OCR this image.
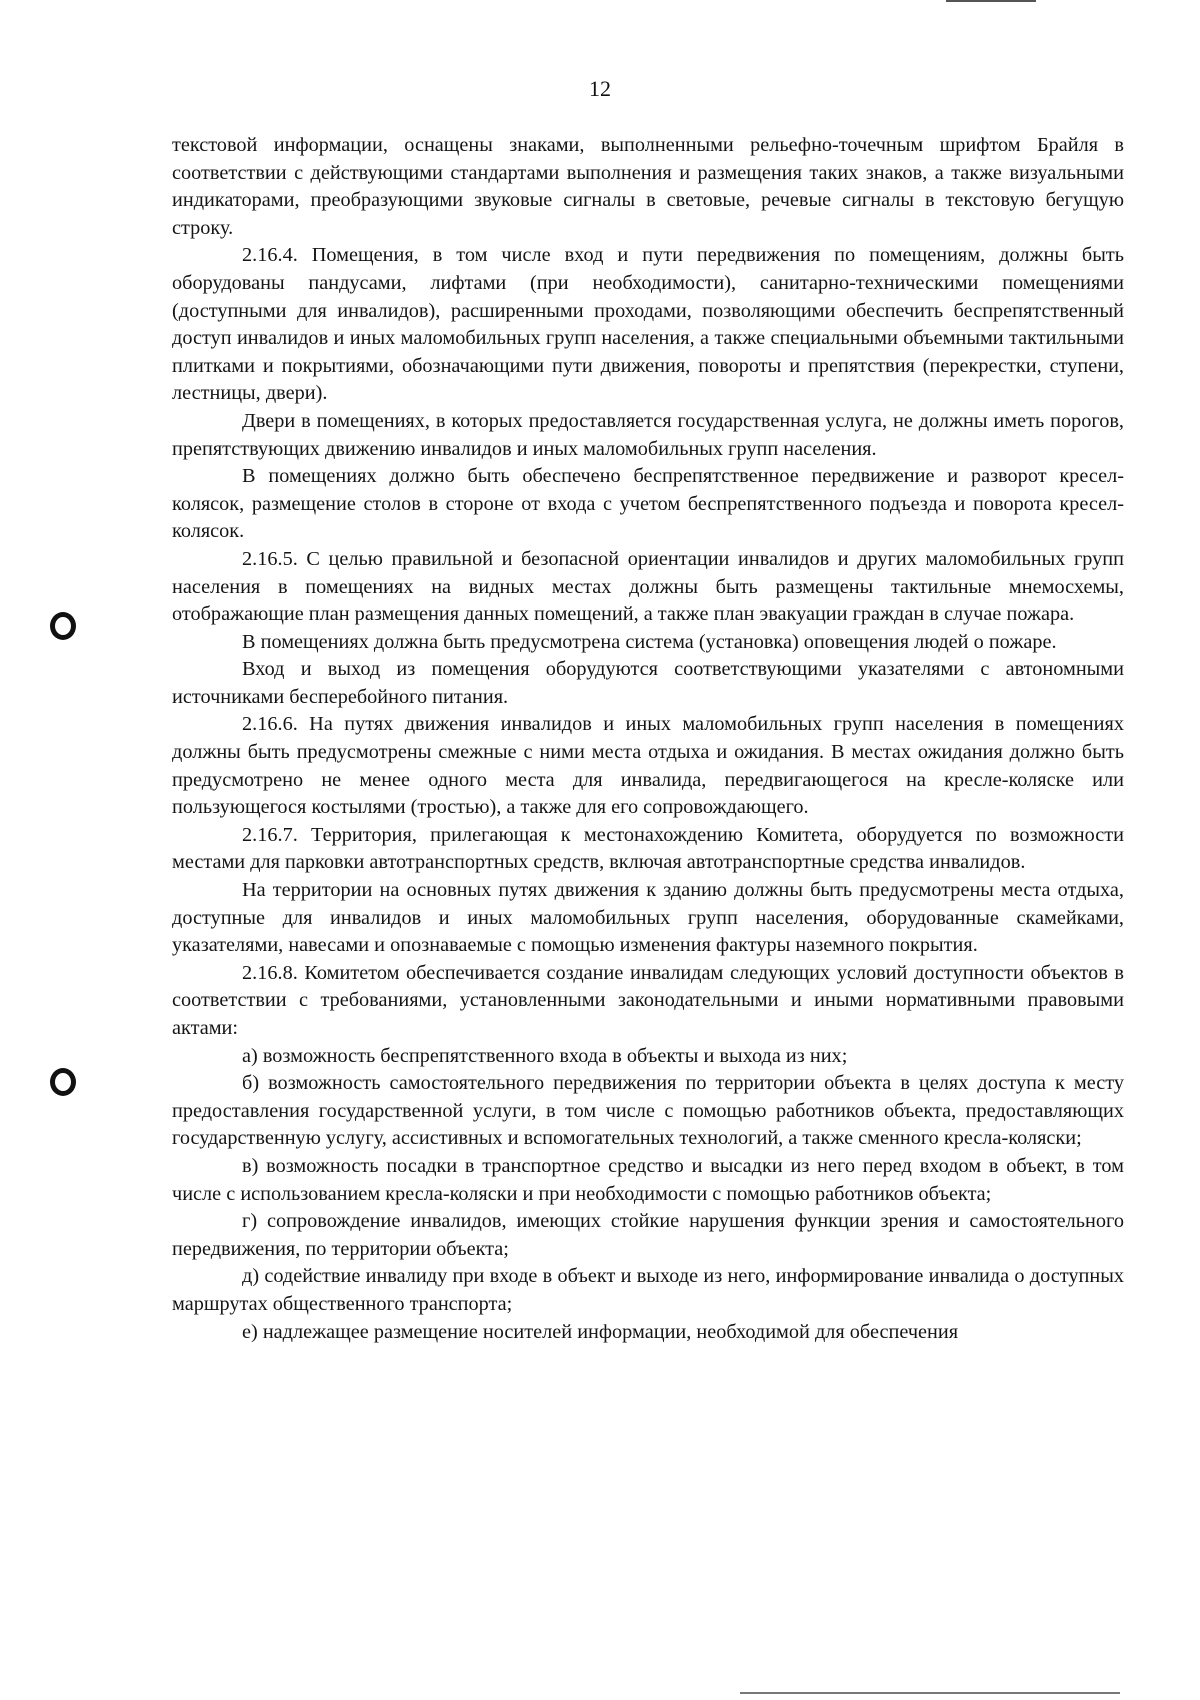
12

текстовой информации, оснащены знаками, выполненными рельефно-точечным шрифтом Брайля в соответствии с действующими стандартами выполнения и размещения таких знаков, а также визуальными индикаторами, преобразующими звуковые сигналы в световые, речевые сигналы в текстовую бегущую строку.

2.16.4. Помещения, в том числе вход и пути передвижения по помещениям, должны быть оборудованы пандусами, лифтами (при необходимости), санитарно-техническими помещениями (доступными для инвалидов), расширенными проходами, позволяющими обеспечить беспрепятственный доступ инвалидов и иных маломобильных групп населения, а также специальными объемными тактильными плитками и покрытиями, обозначающими пути движения, повороты и препятствия (перекрестки, ступени, лестницы, двери).

Двери в помещениях, в которых предоставляется государственная услуга, не должны иметь порогов, препятствующих движению инвалидов и иных маломобильных групп населения.

В помещениях должно быть обеспечено беспрепятственное передвижение и разворот кресел-колясок, размещение столов в стороне от входа с учетом беспрепятственного подъезда и поворота кресел-колясок.

2.16.5. С целью правильной и безопасной ориентации инвалидов и других маломобильных групп населения в помещениях на видных местах должны быть размещены тактильные мнемосхемы, отображающие план размещения данных помещений, а также план эвакуации граждан в случае пожара.

В помещениях должна быть предусмотрена система (установка) оповещения людей о пожаре.

Вход и выход из помещения оборудуются соответствующими указателями с автономными источниками бесперебойного питания.

2.16.6. На путях движения инвалидов и иных маломобильных групп населения в помещениях должны быть предусмотрены смежные с ними места отдыха и ожидания. В местах ожидания должно быть предусмотрено не менее одного места для инвалида, передвигающегося на кресле-коляске или пользующегося костылями (тростью), а также для его сопровождающего.

2.16.7. Территория, прилегающая к местонахождению Комитета, оборудуется по возможности местами для парковки автотранспортных средств, включая автотранспортные средства инвалидов.

На территории на основных путях движения к зданию должны быть предусмотрены места отдыха, доступные для инвалидов и иных маломобильных групп населения, оборудованные скамейками, указателями, навесами и опознаваемые с помощью изменения фактуры наземного покрытия.

2.16.8. Комитетом обеспечивается создание инвалидам следующих условий доступности объектов в соответствии с требованиями, установленными законодательными и иными нормативными правовыми актами:

а) возможность беспрепятственного входа в объекты и выхода из них;

б) возможность самостоятельного передвижения по территории объекта в целях доступа к месту предоставления государственной услуги, в том числе с помощью работников объекта, предоставляющих государственную услугу, ассистивных и вспомогательных технологий, а также сменного кресла-коляски;

в) возможность посадки в транспортное средство и высадки из него перед входом в объект, в том числе с использованием кресла-коляски и при необходимости с помощью работников объекта;

г) сопровождение инвалидов, имеющих стойкие нарушения функции зрения и самостоятельного передвижения, по территории объекта;

д) содействие инвалиду при входе в объект и выходе из него, информирование инвалида о доступных маршрутах общественного транспорта;

е) надлежащее размещение носителей информации, необходимой для обеспечения
